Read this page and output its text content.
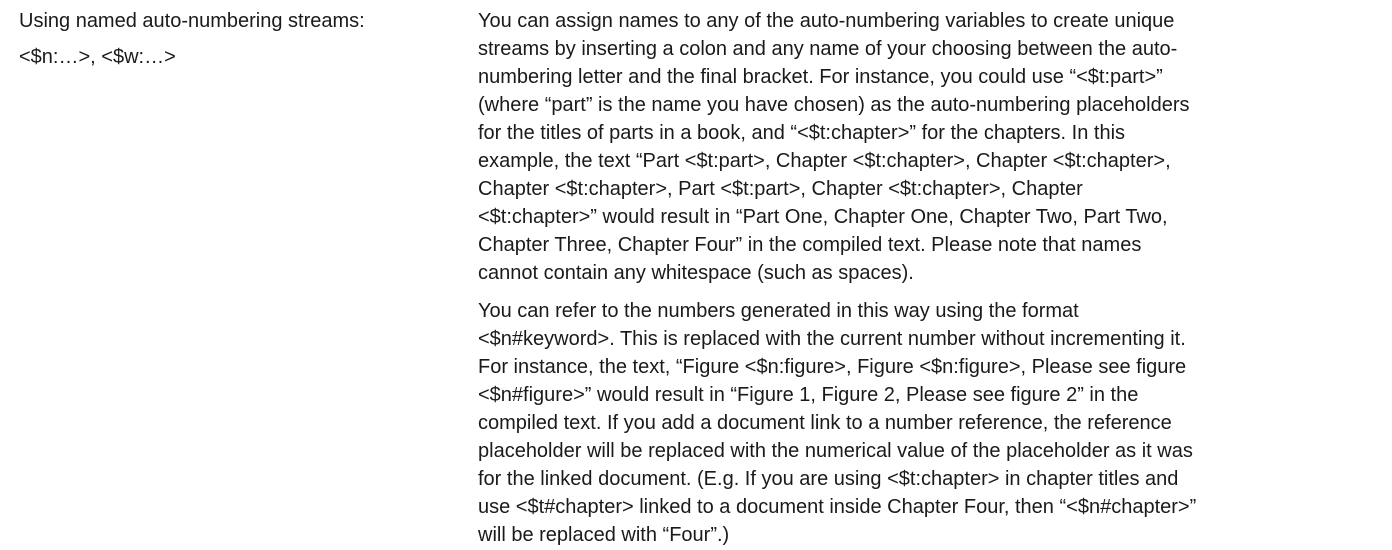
Using named auto-numbering streams:

<$n:…>, <$w:…>

You can assign names to any of the auto-numbering variables to create unique
streams by inserting a colon and any name of your choosing between the auto-
numbering letter and the final bracket. For instance, you could use “<$t:part>”
(where “part” is the name you have chosen) as the auto-numbering placeholders
for the titles of parts in a book, and “<$t:chapter>” for the chapters. In this
example, the text “Part <$t:part>, Chapter <$t:chapter>, Chapter <$t:chapter>,
Chapter <$t:chapter>, Part <$t:part>, Chapter <$t:chapter>, Chapter
<$t:chapter>” would result in “Part One, Chapter One, Chapter Two, Part Two,
Chapter Three, Chapter Four” in the compiled text. Please note that names
cannot contain any whitespace (such as spaces).

You can refer to the numbers generated in this way using the format
<$n#keyword>. This is replaced with the current number without incrementing it.
For instance, the text, “Figure <$n:figure>, Figure <$n:figure>, Please see figure
<$n#figure>” would result in “Figure 1, Figure 2, Please see figure 2” in the
compiled text. If you add a document link to a number reference, the reference
placeholder will be replaced with the numerical value of the placeholder as it was
for the linked document. (E.g. If you are using <$t:chapter> in chapter titles and
use <$t#chapter> linked to a document inside Chapter Four, then “<$n#chapter>”
will be replaced with “Four”.)
